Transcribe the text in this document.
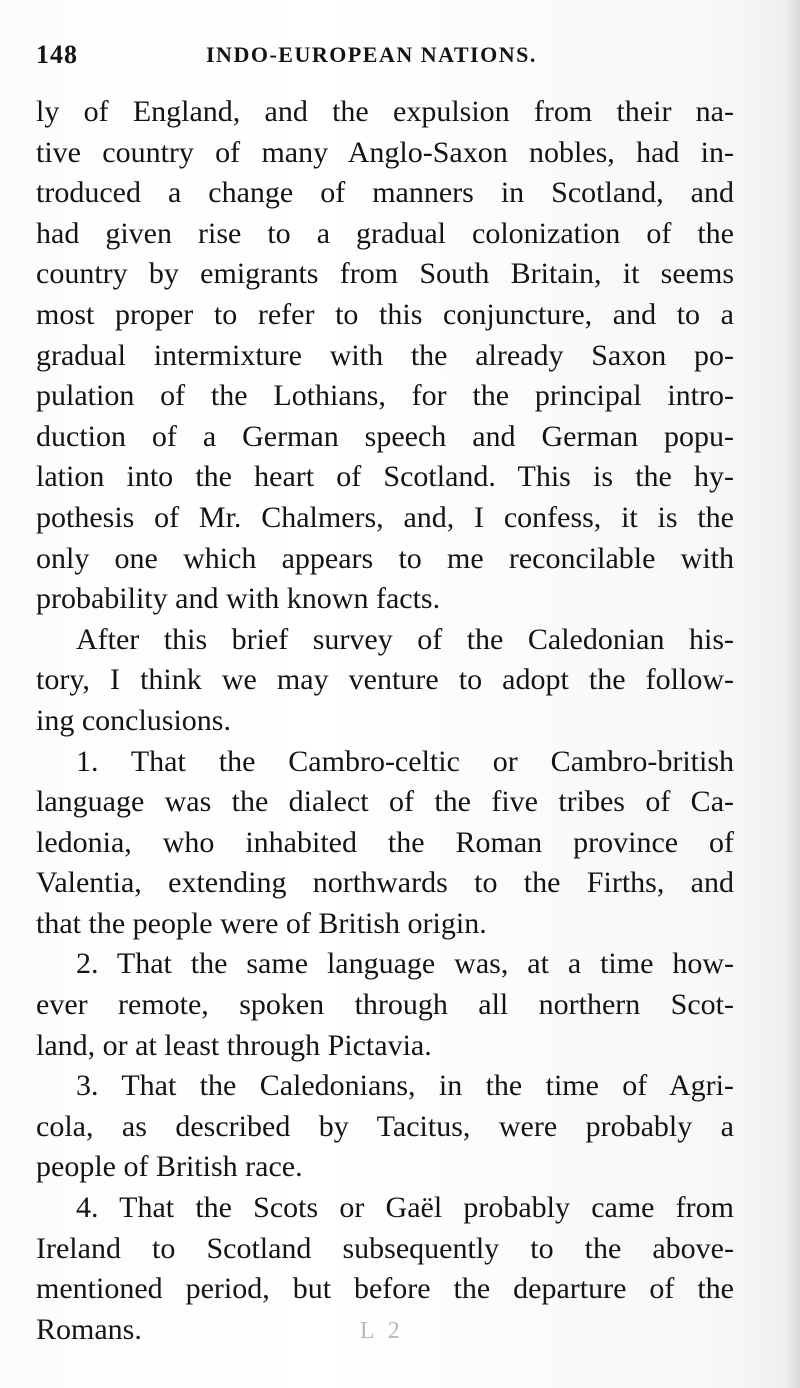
148	INDO-EUROPEAN NATIONS.
ly of England, and the expulsion from their na-
tive country of many Anglo-Saxon nobles, had in-
troduced a change of manners in Scotland, and
had given rise to a gradual colonization of the
country by emigrants from South Britain, it seems
most proper to refer to this conjuncture, and to a
gradual intermixture with the already Saxon po-
pulation of the Lothians, for the principal intro-
duction of a German speech and German popu-
lation into the heart of Scotland. This is the hy-
pothesis of Mr. Chalmers, and, I confess, it is the
only one which appears to me reconcilable with
probability and with known facts.
After this brief survey of the Caledonian his-
tory, I think we may venture to adopt the follow-
ing conclusions.
1. That the Cambro-celtic or Cambro-british
language was the dialect of the five tribes of Ca-
ledonia, who inhabited the Roman province of
Valentia, extending northwards to the Firths, and
that the people were of British origin.
2. That the same language was, at a time how-
ever remote, spoken through all northern Scot-
land, or at least through Pictavia.
3. That the Caledonians, in the time of Agri-
cola, as described by Tacitus, were probably a
people of British race.
4. That the Scots or Gaël probably came from
Ireland to Scotland subsequently to the above-
mentioned period, but before the departure of the
Romans.	L 2
